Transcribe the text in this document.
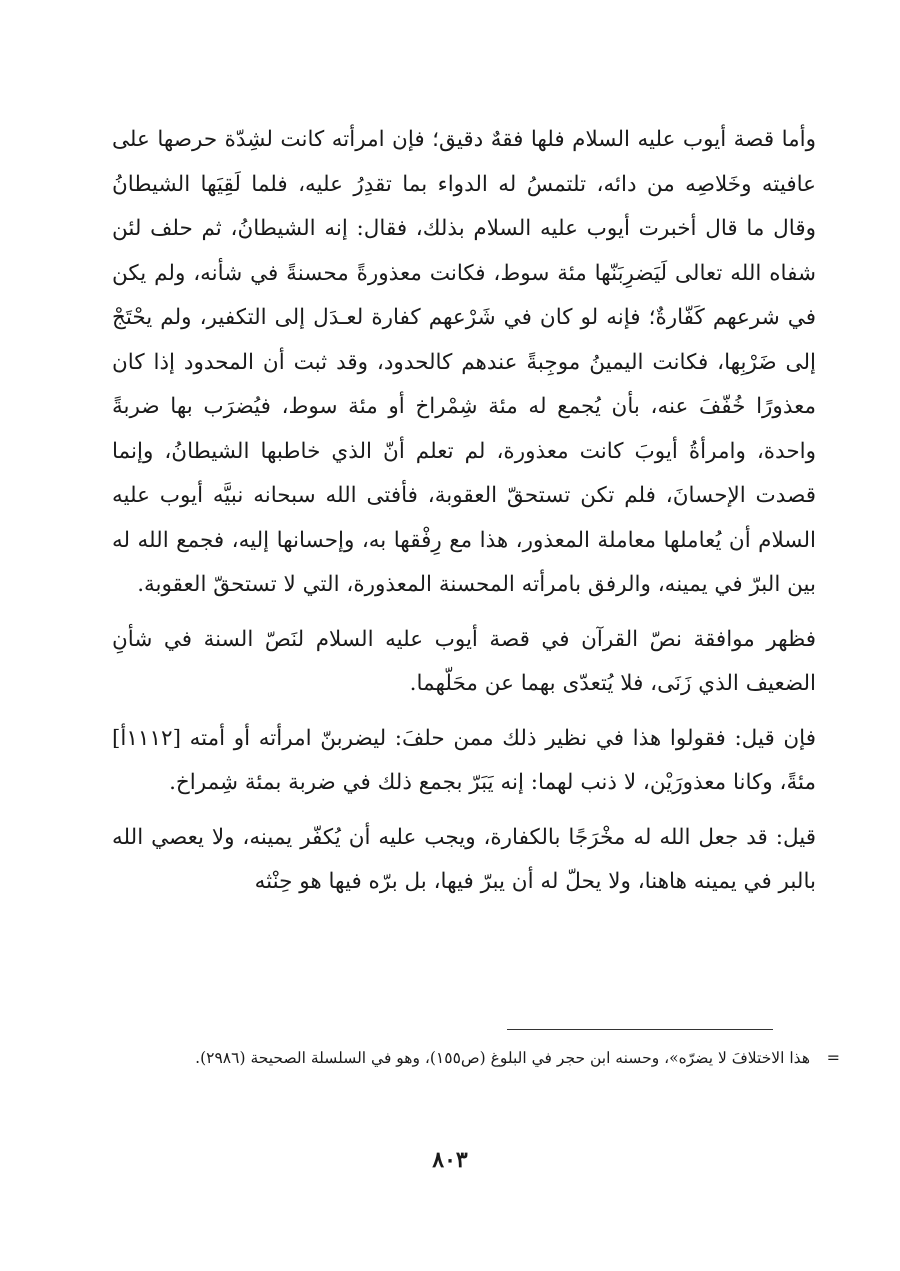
وأما قصة أيوب عليه السلام فلها فقهٌ دقيق؛ فإن امرأته كانت لشِدّة حرصها على عافيته وخَلاصِه من دائه، تلتمسُ له الدواء بما تقدِرُ عليه، فلما لَقِيَها الشيطانُ وقال ما قال أخبرت أيوب عليه السلام بذلك، فقال: إنه الشيطانُ، ثم حلف لئن شفاه الله تعالى لَيَضرِبَنّها مئة سوط، فكانت معذورةً محسنةً في شأنه، ولم يكن في شرعهم كَفّارةٌ؛ فإنه لو كان في شَرْعهم كفارة لعـدَل إلى التكفير، ولم يحْتَجْ إلى ضَرْبِها، فكانت اليمينُ موجِبةً عندهم كالحدود، وقد ثبت أن المحدود إذا كان معذورًا خُفّفَ عنه، بأن يُجمع له مئة شِمْراخ أو مئة سوط، فيُضرَب بها ضربةً واحدة، وامرأةُ أيوبَ كانت معذورة، لم تعلم أنّ الذي خاطبها الشيطانُ، وإنما قصدت الإحسانَ، فلم تكن تستحقّ العقوبة، فأفتى الله سبحانه نبيَّه أيوب عليه السلام أن يُعاملها معاملة المعذور، هذا مع رِفْقها به، وإحسانها إليه، فجمع الله له بين البرّ في يمينه، والرفق بامرأته المحسنة المعذورة، التي لا تستحقّ العقوبة.

فظهر موافقة نصّ القرآن في قصة أيوب عليه السلام لنَصّ السنة في شأنِ الضعيف الذي زَنَى، فلا يُتعدّى بهما عن محَلّهما.

فإن قيل: فقولوا هذا في نظير ذلك ممن حلفَ: ليضربنّ امرأته أو أمته [١١١٢أ] مئةً، وكانا معذورَيْن، لا ذنب لهما: إنه يَبَرّ بجمع ذلك في ضربة بمئة شِمراخ.

قيل: قد جعل الله له مخْرَجًا بالكفارة، ويجب عليه أن يُكفّر يمينه، ولا يعصي الله بالبر في يمينه هاهنا، ولا يحلّ له أن يبرّ فيها، بل برّه فيها هو حِنْثه

=
هذا الاختلافَ لا يضرّه»، وحسنه ابن حجر في البلوغ (ص١٥٥)، وهو في السلسلة الصحيحة (٢٩٨٦).
٨٠٣
